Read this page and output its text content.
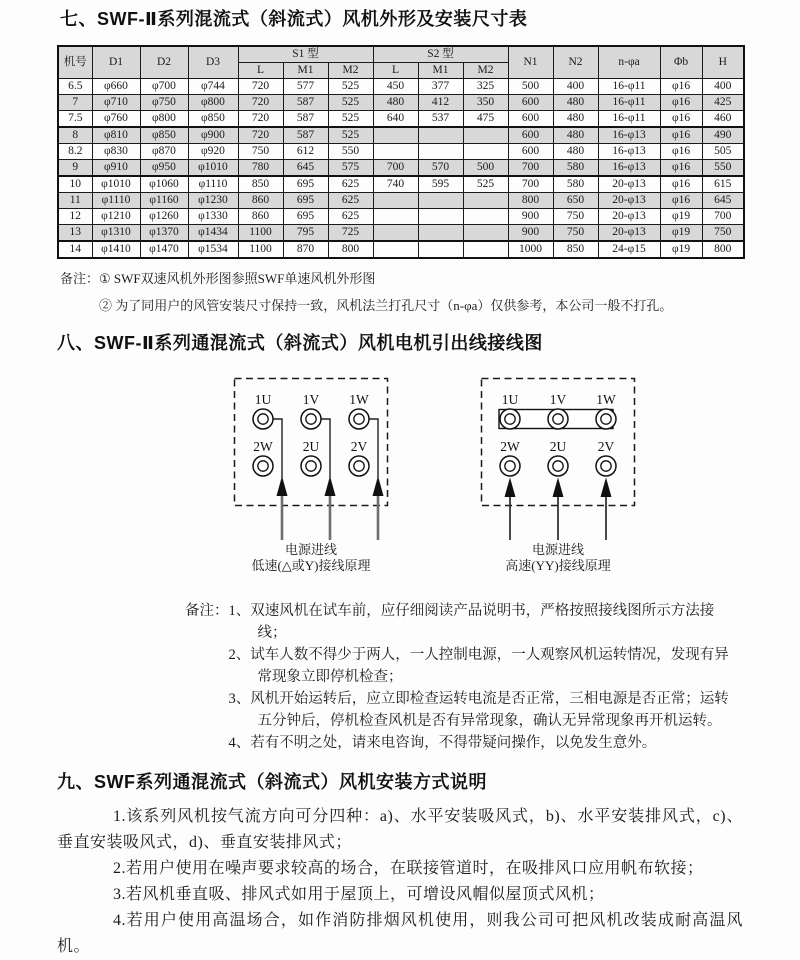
七、SWF-Ⅱ系列混流式（斜流式）风机外形及安装尺寸表
机号	D1	D2	D3	S1 型			S2 型			N1	N2	n-φa	Φb	H
				L	M1	M2	L	M1	M2					
6.5	φ660	φ700	φ744	720	577	525	450	377	325	500	400	16-φ11	φ16	400
7	φ710	φ750	φ800	720	587	525	480	412	350	600	480	16-φ11	φ16	425
7.5	φ760	φ800	φ850	720	587	525	640	537	475	600	480	16-φ11	φ16	460
8	φ810	φ850	φ900	720	587	525				600	480	16-φ13	φ16	490
8.2	φ830	φ870	φ920	750	612	550				600	480	16-φ13	φ16	505
9	φ910	φ950	φ1010	780	645	575	700	570	500	700	580	16-φ13	φ16	550
10	φ1010	φ1060	φ1110	850	695	625	740	595	525	700	580	20-φ13	φ16	615
11	φ1110	φ1160	φ1230	860	695	625				800	650	20-φ13	φ16	645
12	φ1210	φ1260	φ1330	860	695	625				900	750	20-φ13	φ19	700
13	φ1310	φ1370	φ1434	1100	795	725				900	750	20-φ13	φ19	750
14	φ1410	φ1470	φ1534	1100	870	800				1000	850	24-φ15	φ19	800
备注： ① SWF双速风机外形图参照SWF单速风机外形图
② 为了同用户的风管安装尺寸保持一致，风机法兰打孔尺寸（n-φa）仅供参考，本公司一般不打孔。
八、SWF-Ⅱ系列通混流式（斜流式）风机电机引出线接线图
1U 1V 1W
2W 2U 2V
电源进线
低速(△或Y)接线原理
1U 1V 1W
2W 2U 2V
电源进线
高速(YY)接线原理
备注： 1、双速风机在试车前，应仔细阅读产品说明书，严格按照接线图所示方法接线；
2、试车人数不得少于两人，一人控制电源，一人观察风机运转情况，发现有异常现象立即停机检查；
3、风机开始运转后，应立即检查运转电流是否正常，三相电源是否正常；运转五分钟后，停机检查风机是否有异常现象，确认无异常现象再开机运转。
4、若有不明之处，请来电咨询，不得带疑问操作，以免发生意外。
九、SWF系列通混流式（斜流式）风机安装方式说明
1.该系列风机按气流方向可分四种：a)、水平安装吸风式，b)、水平安装排风式，c)、垂直安装吸风式，d)、垂直安装排风式；
2.若用户使用在噪声要求较高的场合，在联接管道时，在吸排风口应用帆布软接；
3.若风机垂直吸、排风式如用于屋顶上，可增设风帽似屋顶式风机；
4.若用户使用高温场合，如作消防排烟风机使用，则我公司可把风机改装成耐高温风机。
